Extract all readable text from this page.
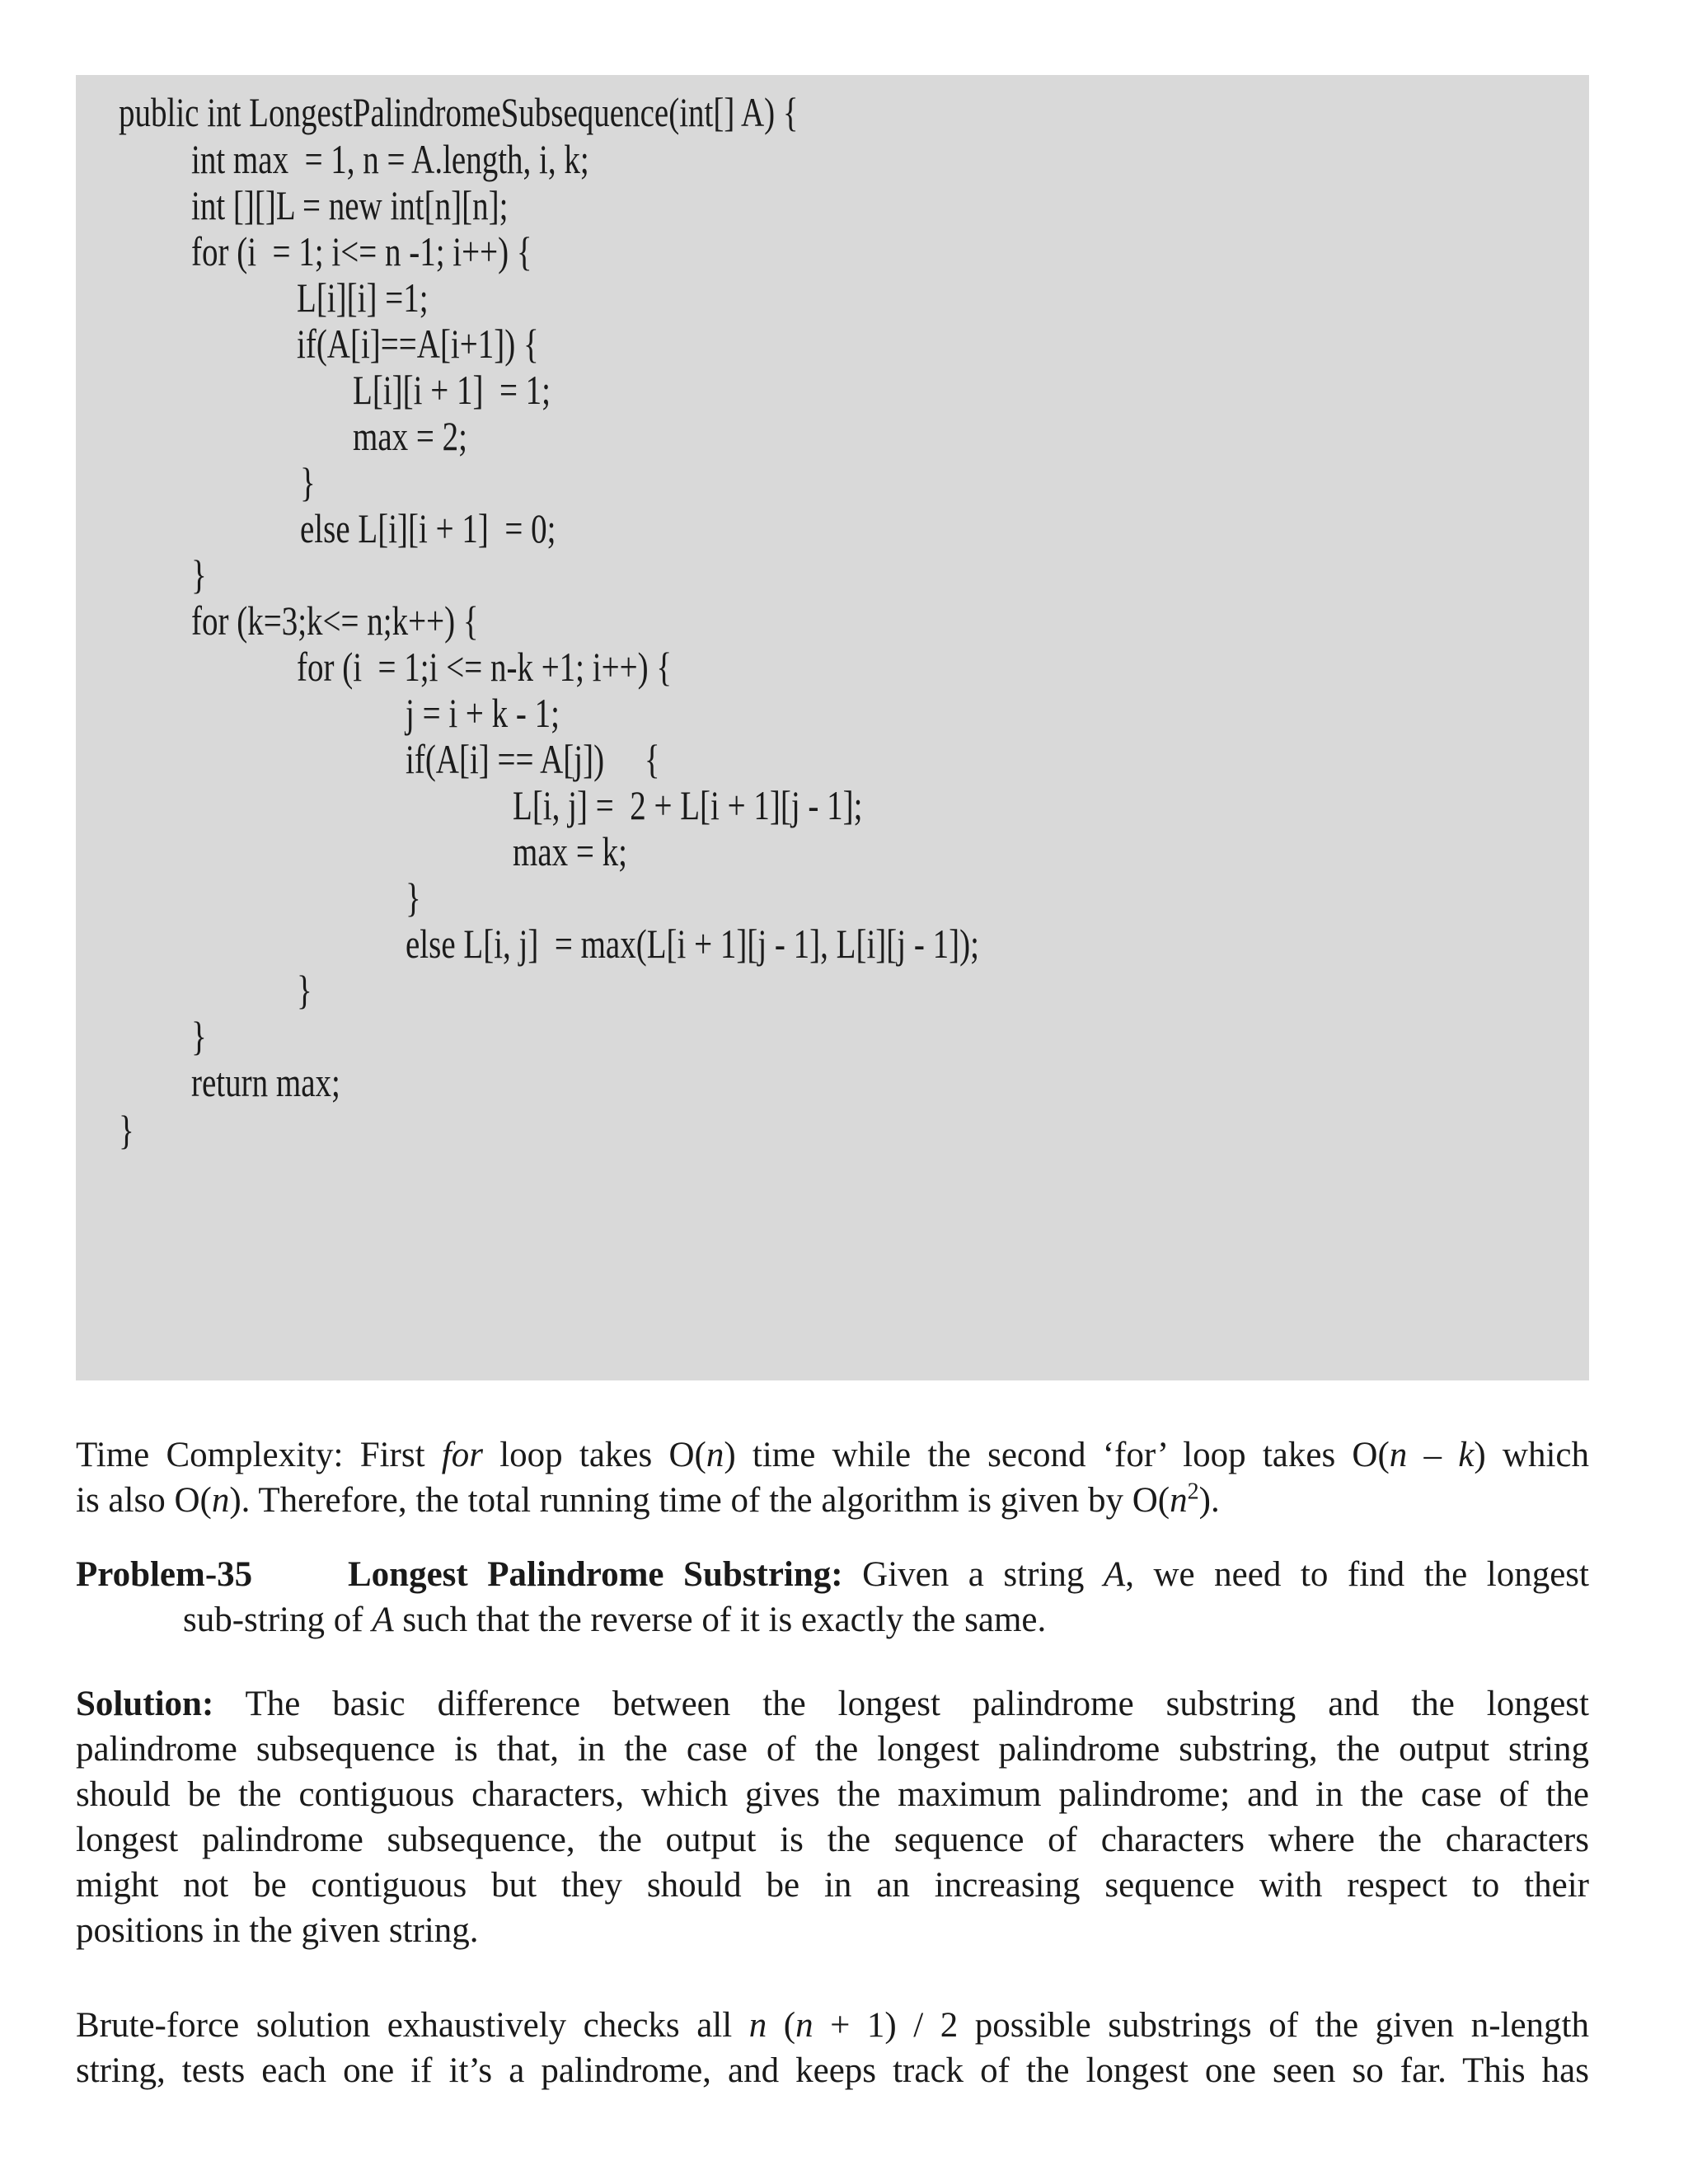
public int LongestPalindromeSubsequence(int[] A) {
int max  = 1, n = A.length, i, k;
int [][]L = new int[n][n];
for (i  = 1; i<= n -1; i++) {
L[i][i] =1;
if(A[i]==A[i+1]) {
L[i][i + 1]  = 1;
max = 2;
}
else L[i][i + 1]  = 0;
}
for (k=3;k<= n;k++) {
for (i  = 1;i <= n-k +1; i++) {
j = i + k - 1;
if(A[i] == A[j])     {
L[i, j] =  2 + L[i + 1][j - 1];
max = k;
}
else L[i, j]  = max(L[i + 1][j - 1], L[i][j - 1]);
}
}
return max;
}
Time Complexity: First for loop takes O(n) time while the second ‘for’ loop takes O(n – k) which
is also O(n). Therefore, the total running time of the algorithm is given by $O(n^2)$.
Problem-35	Longest Palindrome Substring: Given a string A, we need to find the longest
sub-string of A such that the reverse of it is exactly the same.
Solution: The basic difference between the longest palindrome substring and the longest
palindrome subsequence is that, in the case of the longest palindrome substring, the output string
should be the contiguous characters, which gives the maximum palindrome; and in the case of the
longest palindrome subsequence, the output is the sequence of characters where the characters
might not be contiguous but they should be in an increasing sequence with respect to their
positions in the given string.
Brute-force solution exhaustively checks all n (n + 1) / 2 possible substrings of the given n-length
string, tests each one if it’s a palindrome, and keeps track of the longest one seen so far. This has
